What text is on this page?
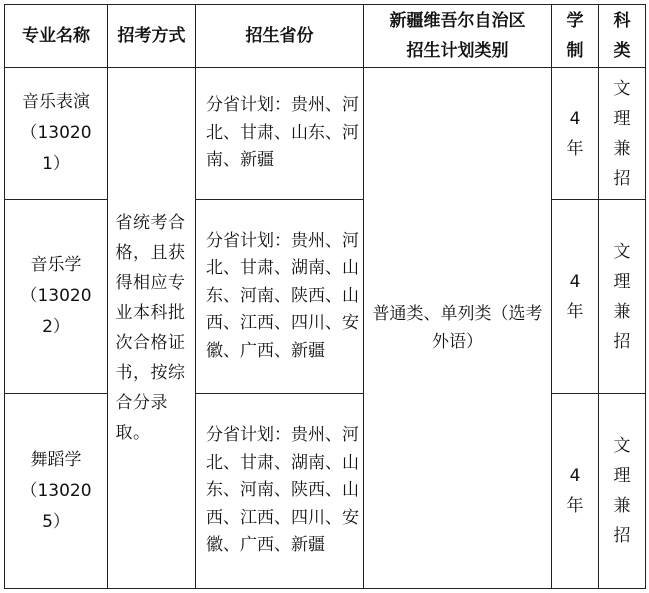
专业名称	招考方式	招生省份	新疆维吾尔自治区招生计划类别	学制	科类

音乐表演
（130201）	省统考合格，且获得相应专业本科批次合格证书，按综合分录取。	分省计划：贵州、河北、甘肃、山东、河南、新疆	普通类、单列类（选考外语）	4年	文理兼招

音乐学
（130202）		分省计划：贵州、河北、甘肃、湖南、山东、河南、陕西、山西、江西、四川、安徽、广西、新疆		4年	文理兼招

舞蹈学
（130205）		分省计划：贵州、河北、甘肃、湖南、山东、河南、陕西、山西、江西、四川、安徽、广西、新疆		4年	文理兼招
